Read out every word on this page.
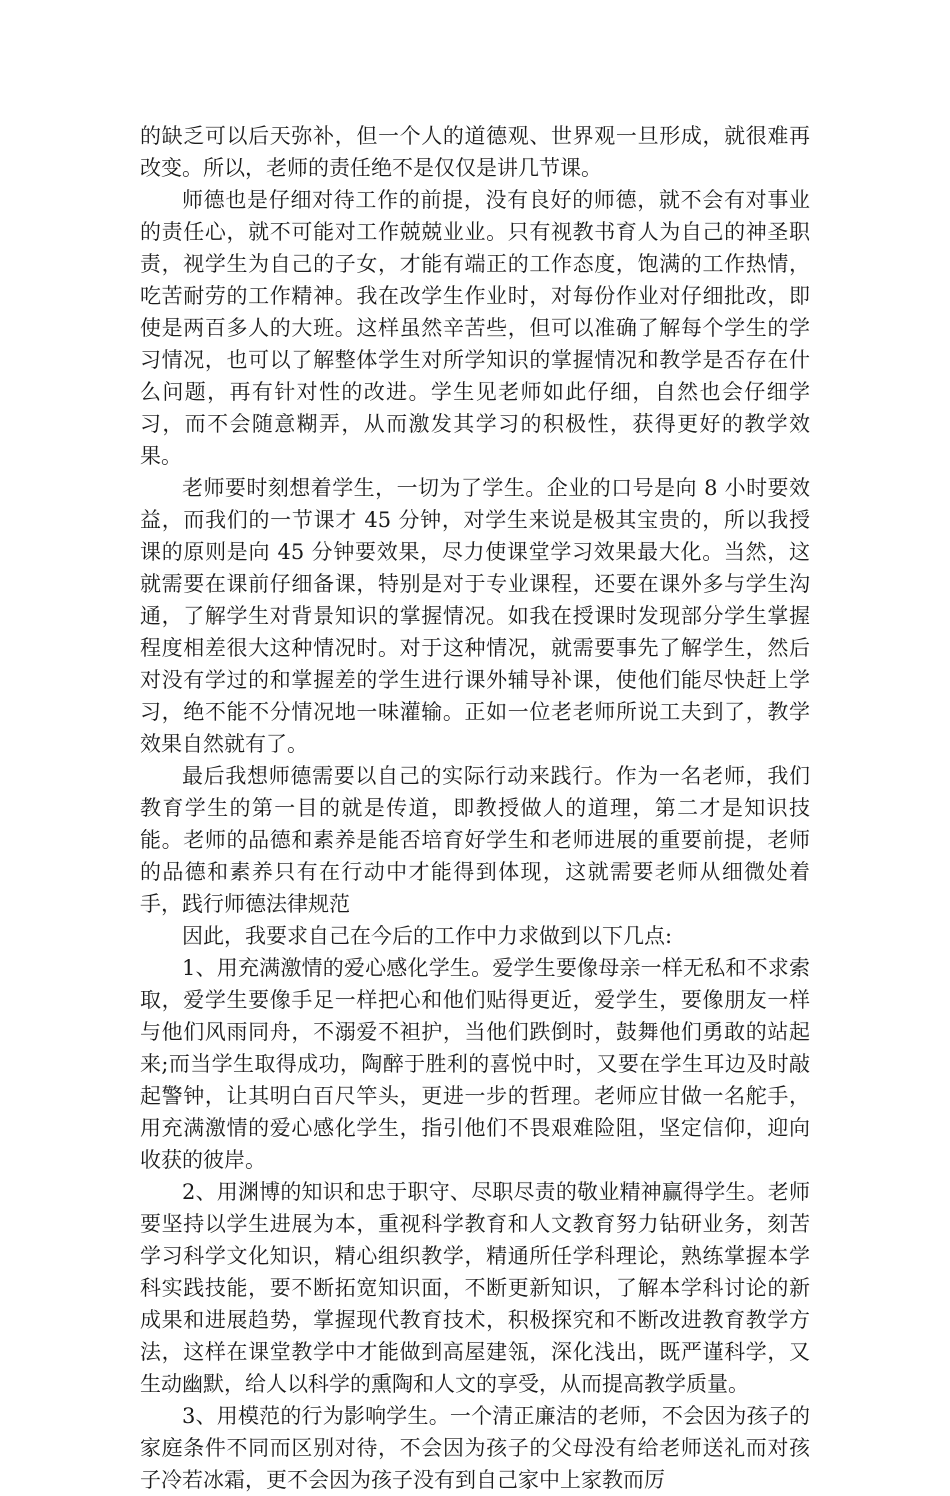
的缺乏可以后天弥补，但一个人的道德观、世界观一旦形成，就很难再改变。所以，老师的责任绝不是仅仅是讲几节课。

师德也是仔细对待工作的前提，没有良好的师德，就不会有对事业的责任心，就不可能对工作兢兢业业。只有视教书育人为自己的神圣职责，视学生为自己的子女，才能有端正的工作态度，饱满的工作热情，吃苦耐劳的工作精神。我在改学生作业时，对每份作业对仔细批改，即使是两百多人的大班。这样虽然辛苦些，但可以准确了解每个学生的学习情况，也可以了解整体学生对所学知识的掌握情况和教学是否存在什么问题，再有针对性的改进。学生见老师如此仔细，自然也会仔细学习，而不会随意糊弄，从而激发其学习的积极性，获得更好的教学效果。

老师要时刻想着学生，一切为了学生。企业的口号是向 8 小时要效益，而我们的一节课才 45 分钟，对学生来说是极其宝贵的，所以我授课的原则是向 45 分钟要效果，尽力使课堂学习效果最大化。当然，这就需要在课前仔细备课，特别是对于专业课程，还要在课外多与学生沟通，了解学生对背景知识的掌握情况。如我在授课时发现部分学生掌握程度相差很大这种情况时。对于这种情况，就需要事先了解学生，然后对没有学过的和掌握差的学生进行课外辅导补课，使他们能尽快赶上学习，绝不能不分情况地一味灌输。正如一位老老师所说工夫到了，教学效果自然就有了。

最后我想师德需要以自己的实际行动来践行。作为一名老师，我们教育学生的第一目的就是传道，即教授做人的道理，第二才是知识技能。老师的品德和素养是能否培育好学生和老师进展的重要前提，老师的品德和素养只有在行动中才能得到体现，这就需要老师从细微处着手，践行师德法律规范

因此，我要求自己在今后的工作中力求做到以下几点:

1、用充满激情的爱心感化学生。爱学生要像母亲一样无私和不求索取，爱学生要像手足一样把心和他们贴得更近，爱学生，要像朋友一样与他们风雨同舟，不溺爱不袒护，当他们跌倒时，鼓舞他们勇敢的站起来;而当学生取得成功，陶醉于胜利的喜悦中时，又要在学生耳边及时敲起警钟，让其明白百尺竿头，更进一步的哲理。老师应甘做一名舵手，用充满激情的爱心感化学生，指引他们不畏艰难险阻，坚定信仰，迎向收获的彼岸。

2、用渊博的知识和忠于职守、尽职尽责的敬业精神赢得学生。老师要坚持以学生进展为本，重视科学教育和人文教育努力钻研业务，刻苦学习科学文化知识，精心组织教学，精通所任学科理论，熟练掌握本学科实践技能，要不断拓宽知识面，不断更新知识，了解本学科讨论的新成果和进展趋势，掌握现代教育技术，积极探究和不断改进教育教学方法，这样在课堂教学中才能做到高屋建瓴，深化浅出，既严谨科学，又生动幽默，给人以科学的熏陶和人文的享受，从而提高教学质量。

3、用模范的行为影响学生。一个清正廉洁的老师，不会因为孩子的家庭条件不同而区别对待，不会因为孩子的父母没有给老师送礼而对孩子冷若冰霜，更不会因为孩子没有到自己家中上家教而厉
